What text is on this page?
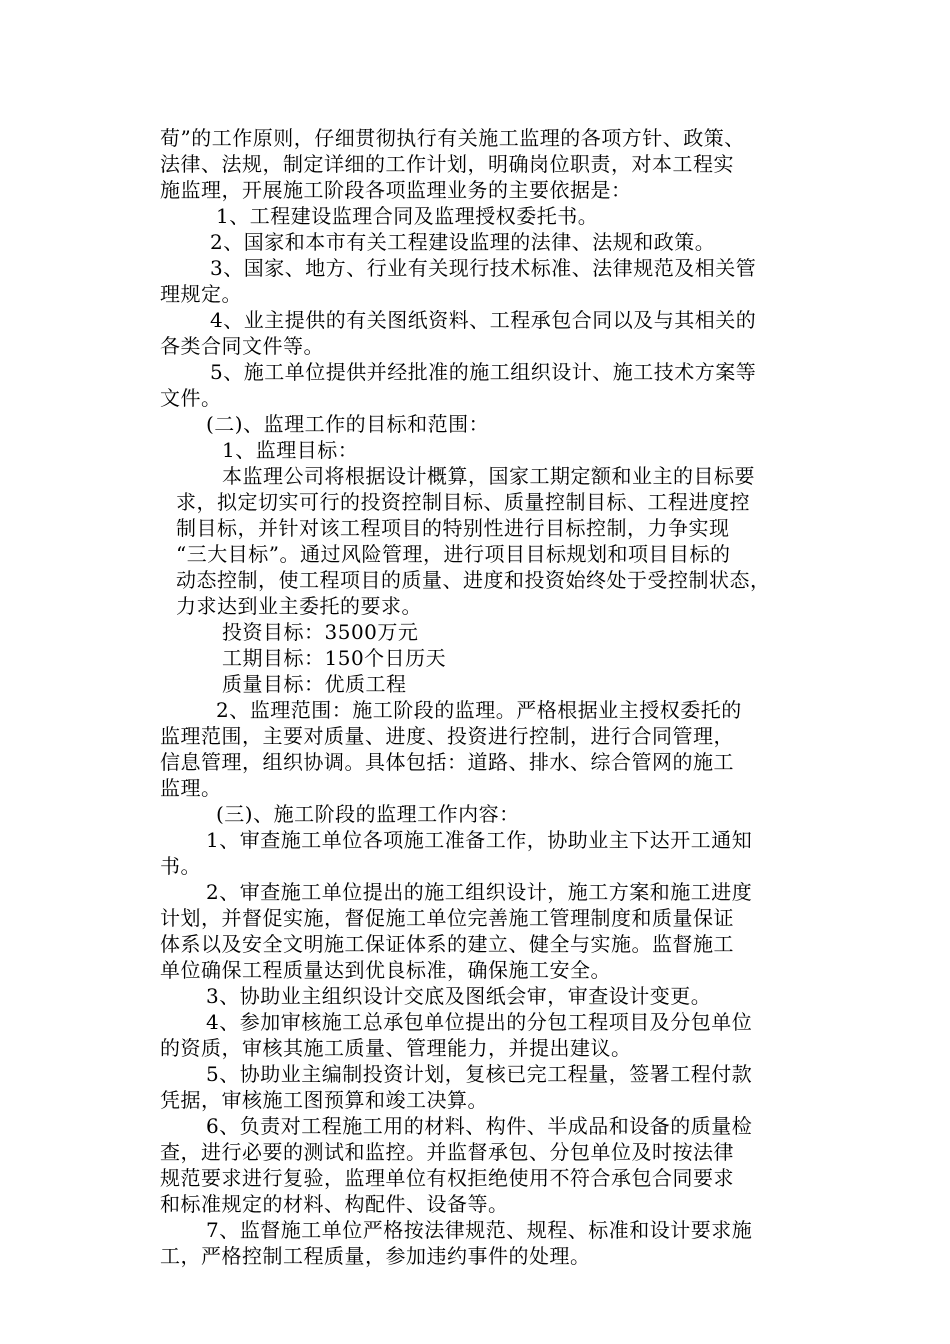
荀”的工作原则，仔细贯彻执行有关施工监理的各项方针、政策、
法律、法规，制定详细的工作计划，明确岗位职责，对本工程实
施监理，开展施工阶段各项监理业务的主要依据是：
1、工程建设监理合同及监理授权委托书。
2、国家和本市有关工程建设监理的法律、法规和政策。
3、国家、地方、行业有关现行技术标准、法律规范及相关管
理规定。
4、业主提供的有关图纸资料、工程承包合同以及与其相关的
各类合同文件等。
5、施工单位提供并经批准的施工组织设计、施工技术方案等
文件。
(二)、监理工作的目标和范围：
1、监理目标：
本监理公司将根据设计概算，国家工期定额和业主的目标要
求，拟定切实可行的投资控制目标、质量控制目标、工程进度控
制目标，并针对该工程项目的特别性进行目标控制，力争实现
“三大目标”。通过风险管理，进行项目目标规划和项目目标的
动态控制，使工程项目的质量、进度和投资始终处于受控制状态，
力求达到业主委托的要求。
投资目标：3500万元
工期目标：150个日历天
质量目标：优质工程
2、监理范围：施工阶段的监理。严格根据业主授权委托的
监理范围，主要对质量、进度、投资进行控制，进行合同管理，
信息管理，组织协调。具体包括：道路、排水、综合管网的施工
监理。
(三)、施工阶段的监理工作内容：
1、审查施工单位各项施工准备工作，协助业主下达开工通知
书。
2、审查施工单位提出的施工组织设计，施工方案和施工进度
计划，并督促实施，督促施工单位完善施工管理制度和质量保证
体系以及安全文明施工保证体系的建立、健全与实施。监督施工
单位确保工程质量达到优良标准，确保施工安全。
3、协助业主组织设计交底及图纸会审，审查设计变更。
4、参加审核施工总承包单位提出的分包工程项目及分包单位
的资质，审核其施工质量、管理能力，并提出建议。
5、协助业主编制投资计划，复核已完工程量，签署工程付款
凭据，审核施工图预算和竣工决算。
6、负责对工程施工用的材料、构件、半成品和设备的质量检
查，进行必要的测试和监控。并监督承包、分包单位及时按法律
规范要求进行复验，监理单位有权拒绝使用不符合承包合同要求
和标准规定的材料、构配件、设备等。
7、监督施工单位严格按法律规范、规程、标准和设计要求施
工，严格控制工程质量，参加违约事件的处理。
